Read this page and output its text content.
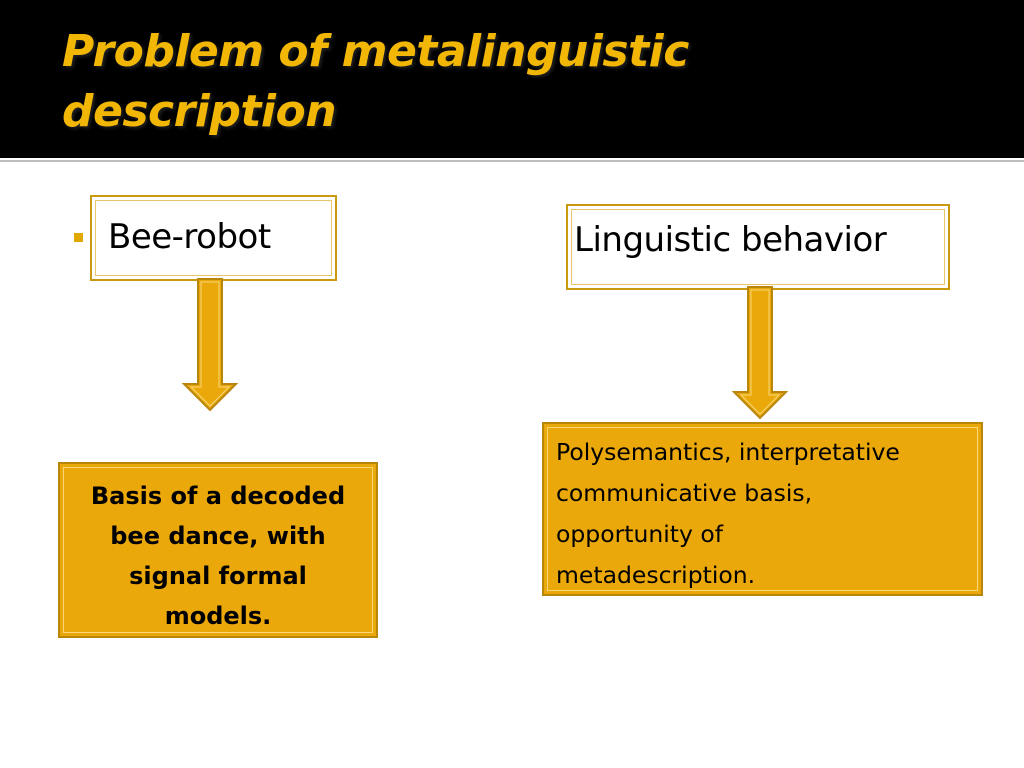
Problem of metalinguistic
description
Bee-robot	Linguistic behavior
Basis of a decoded
bee dance, with
signal formal
models.
Polysemantics, interpretative
communicative basis,
opportunity of
metadescription.
